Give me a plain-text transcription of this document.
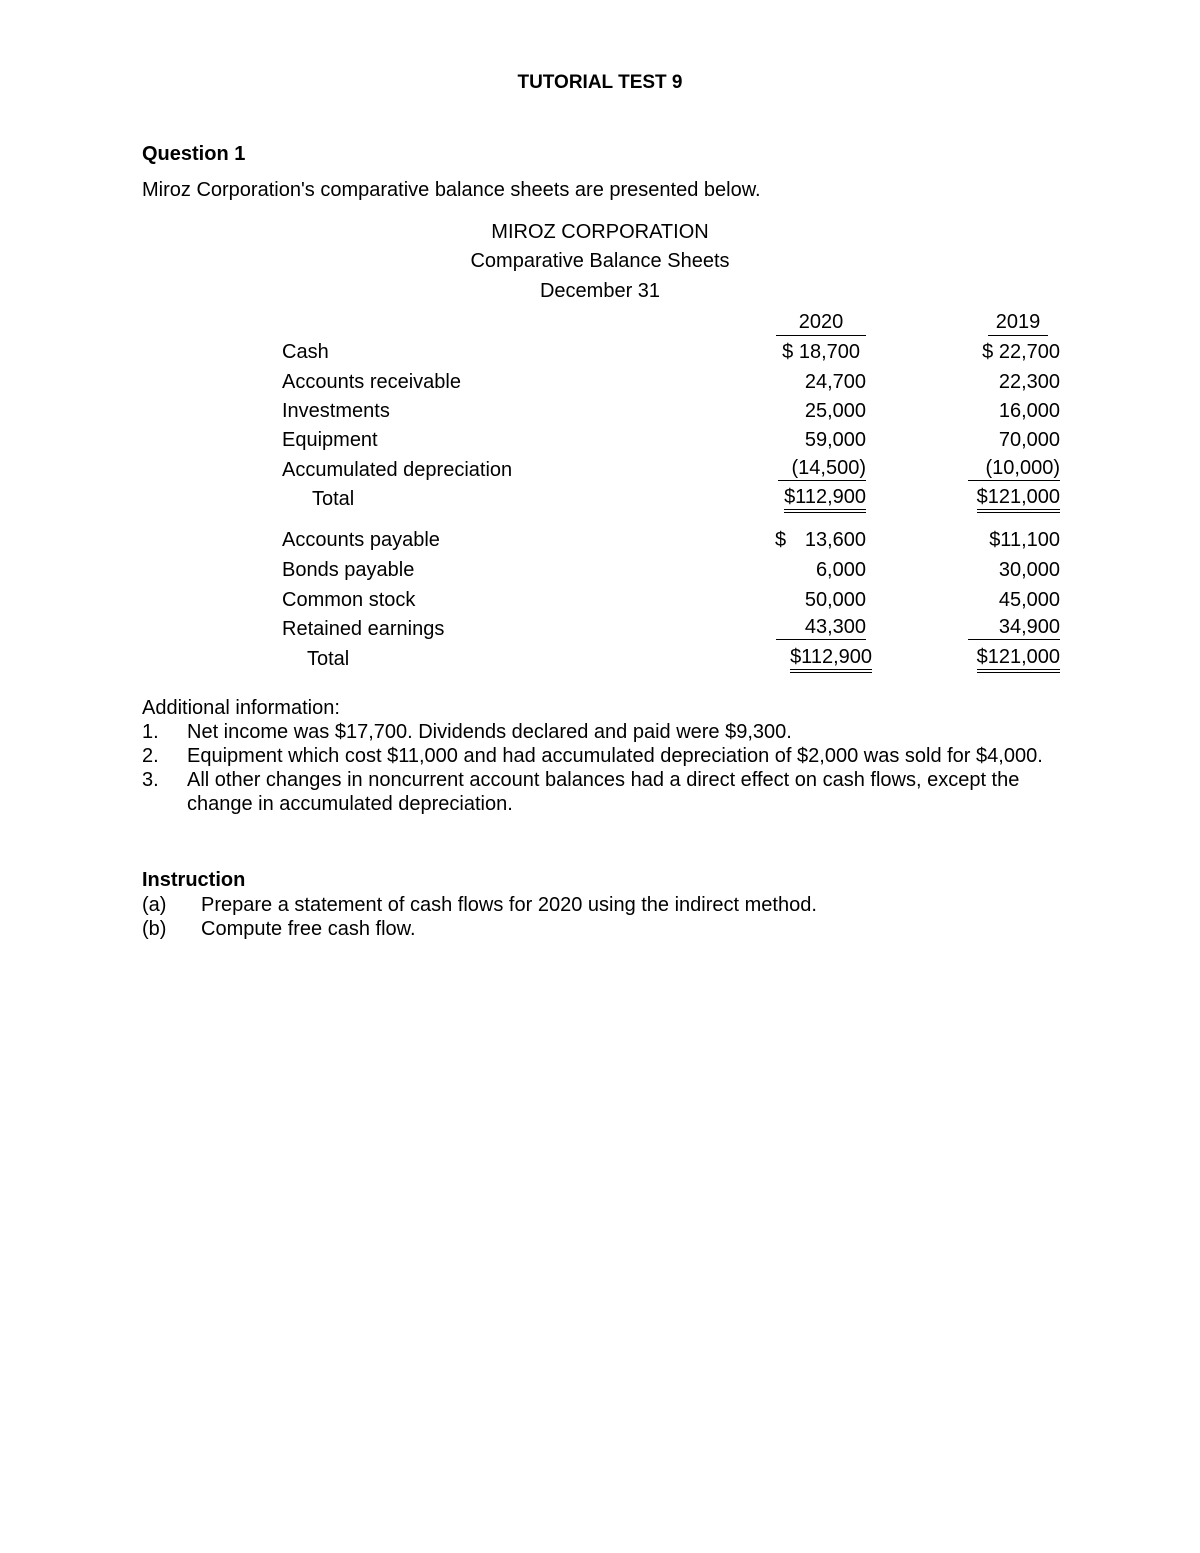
TUTORIAL TEST 9
Question 1
Miroz Corporation's comparative balance sheets are presented below.
MIROZ CORPORATION
Comparative Balance Sheets
December 31
2020	2019
Cash	$ 18,700	$ 22,700
Accounts receivable	24,700	22,300
Investments	25,000	16,000
Equipment	59,000	70,000
Accumulated depreciation	(14,500)	(10,000)
Total	$112,900	$121,000
Accounts payable	$ 13,600	$11,100
Bonds payable	6,000	30,000
Common stock	50,000	45,000
Retained earnings	43,300	34,900
Total	$112,900	$121,000
Additional information:
1. Net income was $17,700. Dividends declared and paid were $9,300.
2. Equipment which cost $11,000 and had accumulated depreciation of $2,000 was sold for $4,000.
3. All other changes in noncurrent account balances had a direct effect on cash flows, except the change in accumulated depreciation.
Instruction
(a) Prepare a statement of cash flows for 2020 using the indirect method.
(b) Compute free cash flow.
